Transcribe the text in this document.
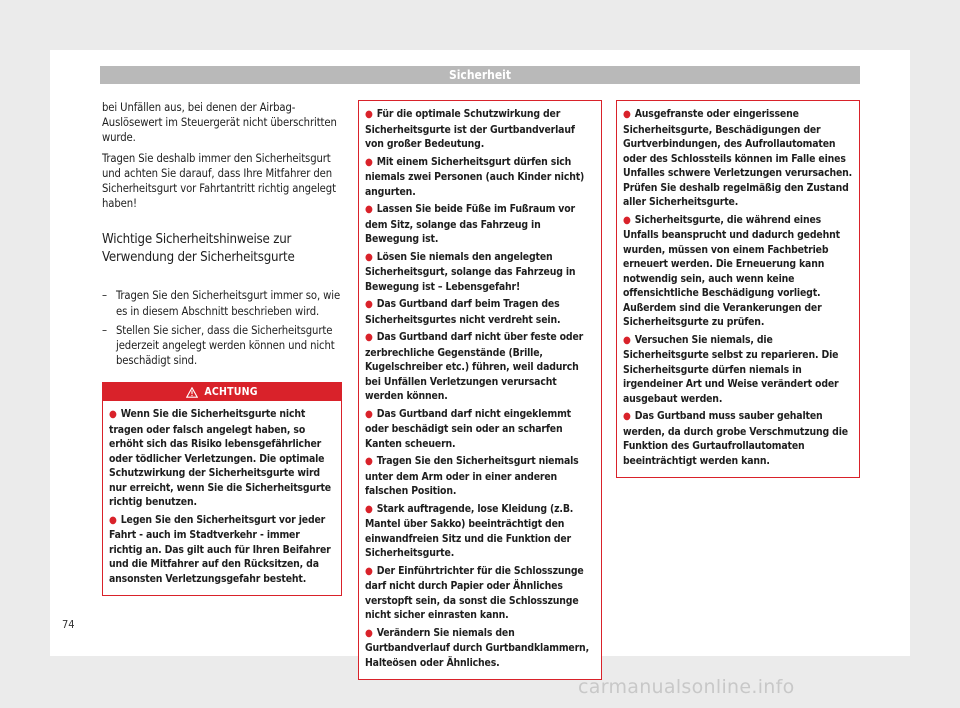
Sicherheit

bei Unfällen aus, bei denen der Airbag-Auslösewert im Steuergerät nicht überschritten wurde.

Tragen Sie deshalb immer den Sicherheitsgurt und achten Sie darauf, dass Ihre Mitfahrer den Sicherheitsgurt vor Fahrtantritt richtig angelegt haben!

Wichtige Sicherheitshinweise zur Verwendung der Sicherheitsgurte
– Tragen Sie den Sicherheitsgurt immer so, wie es in diesem Abschnitt beschrieben wird.
– Stellen Sie sicher, dass die Sicherheitsgurte jederzeit angelegt werden können und nicht beschädigt sind.
ACHTUNG

● Wenn Sie die Sicherheitsgurte nicht tragen oder falsch angelegt haben, so erhöht sich das Risiko lebensgefährlicher oder tödlicher Verletzungen. Die optimale Schutzwirkung der Sicherheitsgurte wird nur erreicht, wenn Sie die Sicherheitsgurte richtig benutzen.

● Legen Sie den Sicherheitsgurt vor jeder Fahrt - auch im Stadtverkehr - immer richtig an. Das gilt auch für Ihren Beifahrer und die Mitfahrer auf den Rücksitzen, da ansonsten Verletzungsgefahr besteht.

● Für die optimale Schutzwirkung der Sicherheitsgurte ist der Gurtbandverlauf von großer Bedeutung.

● Mit einem Sicherheitsgurt dürfen sich niemals zwei Personen (auch Kinder nicht) angurten.

● Lassen Sie beide Füße im Fußraum vor dem Sitz, solange das Fahrzeug in Bewegung ist.

● Lösen Sie niemals den angelegten Sicherheitsgurt, solange das Fahrzeug in Bewegung ist – Lebensgefahr!

● Das Gurtband darf beim Tragen des Sicherheitsgurtes nicht verdreht sein.

● Das Gurtband darf nicht über feste oder zerbrechliche Gegenstände (Brille, Kugelschreiber etc.) führen, weil dadurch bei Unfällen Verletzungen verursacht werden können.

● Das Gurtband darf nicht eingeklemmt oder beschädigt sein oder an scharfen Kanten scheuern.

● Tragen Sie den Sicherheitsgurt niemals unter dem Arm oder in einer anderen falschen Position.

● Stark auftragende, lose Kleidung (z.B. Mantel über Sakko) beeinträchtigt den einwandfreien Sitz und die Funktion der Sicherheitsgurte.

● Der Einführtrichter für die Schlosszunge darf nicht durch Papier oder Ähnliches verstopft sein, da sonst die Schlosszunge nicht sicher einrasten kann.

● Verändern Sie niemals den Gurtbandverlauf durch Gurtbandklammern, Halteösen oder Ähnliches.

● Ausgefranste oder eingerissene Sicherheitsgurte, Beschädigungen der Gurtverbindungen, des Aufrollautomaten oder des Schlossteils können im Falle eines Unfalles schwere Verletzungen verursachen. Prüfen Sie deshalb regelmäßig den Zustand aller Sicherheitsgurte.

● Sicherheitsgurte, die während eines Unfalls beansprucht und dadurch gedehnt wurden, müssen von einem Fachbetrieb erneuert werden. Die Erneuerung kann notwendig sein, auch wenn keine offensichtliche Beschädigung vorliegt. Außerdem sind die Verankerungen der Sicherheitsgurte zu prüfen.

● Versuchen Sie niemals, die Sicherheitsgurte selbst zu reparieren. Die Sicherheitsgurte dürfen niemals in irgendeiner Art und Weise verändert oder ausgebaut werden.

● Das Gurtband muss sauber gehalten werden, da durch grobe Verschmutzung die Funktion des Gurtaufrollautomaten beeinträchtigt werden kann.

74
carmanualsonline.info
